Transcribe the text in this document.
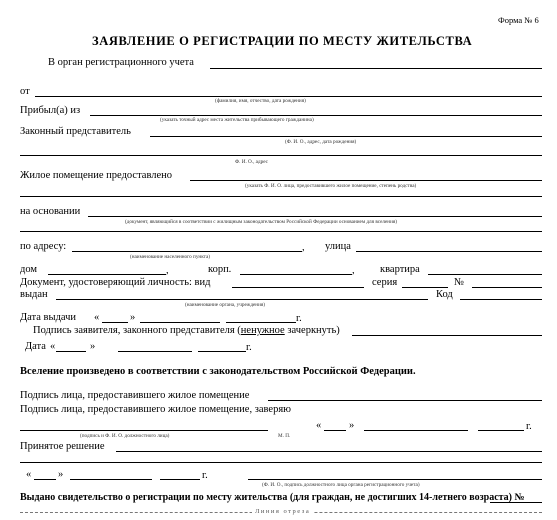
Форма № 6
ЗАЯВЛЕНИЕ О РЕГИСТРАЦИИ ПО МЕСТУ ЖИТЕЛЬСТВА
В орган регистрационного учета
от
(фамилия, имя, отчество, дата рождения)
Прибыл(а) из
(указать точный адрес места жительства прибывающего гражданина)
Законный представитель
(Ф. И. О., адрес, дата рождения)
Ф. И. О., адрес
Жилое помещение предоставлено
(указать Ф. И. О. лица, предоставившего жилое помещение, степень родства)
на основании
(документ, являющийся в соответствии с жилищным законодательством Российской Федерации основанием для вселения)
по адресу:	, улица
(наименование населенного пункта)
дом	,	корп.	, квартира
Документ, удостоверяющий личность: вид	серия	№
выдан	Код
(наименование органа, учреждения)
Дата выдачи «	»	г.
Подпись заявителя, законного представителя (ненужное зачеркнуть)
Дата «	»	г.
Вселение произведено в соответствии с законодательством Российской Федерации.
Подпись лица, предоставившего жилое помещение
Подпись лица, предоставившего жилое помещение, заверяю
(подпись и Ф. И. О. должностного лица)	М. П.
«	»	г.
Принятое решение
«	»	г.
(Ф. И. О., подпись должностного лица органа регистрационного учета)
Выдано свидетельство о регистрации по месту жительства (для граждан, не достигших 14-летнего возраста) №
Линия отреза
